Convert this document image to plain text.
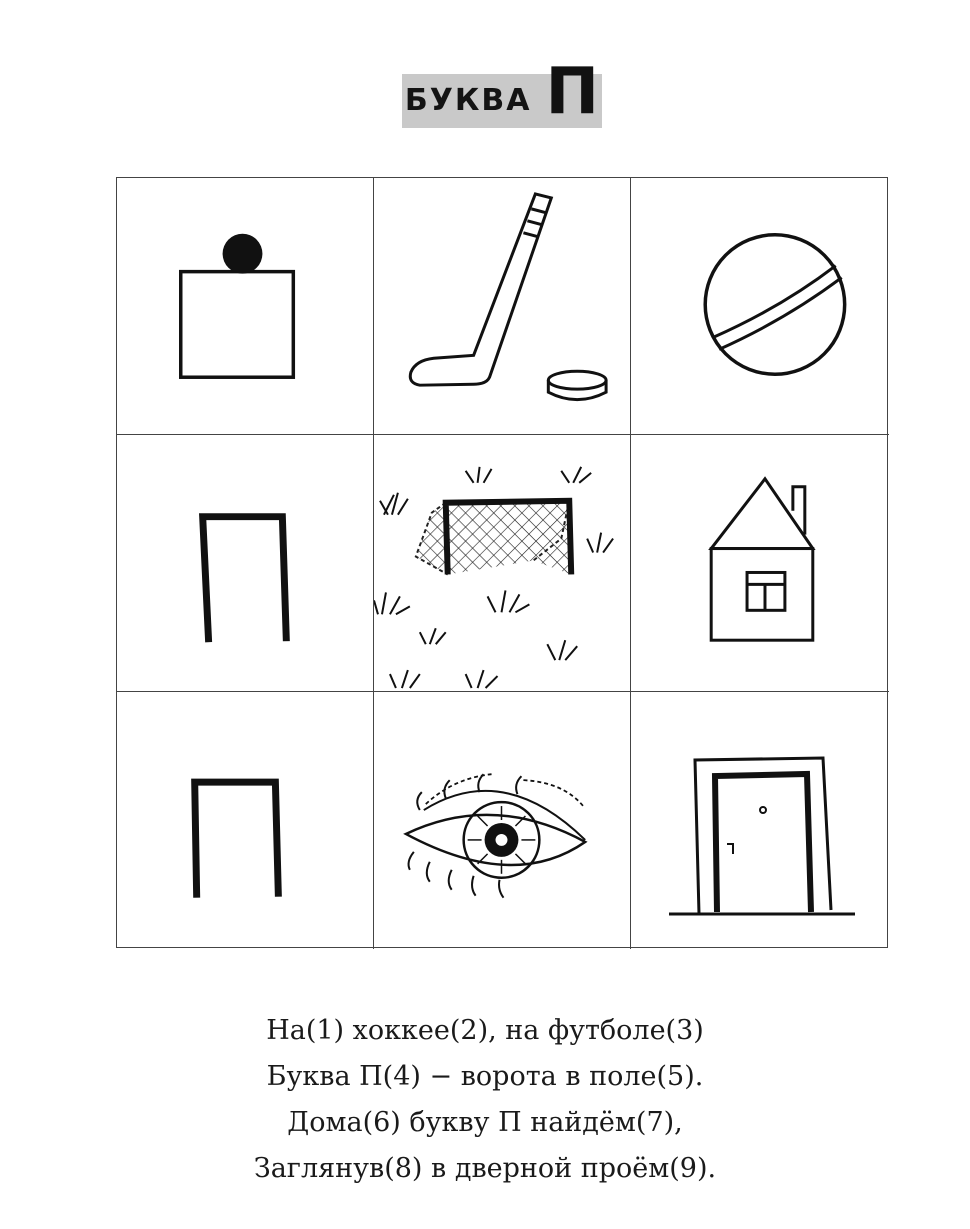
БУКВА П
На(1) хоккее(2), на футболе(3)
Буква П(4) − ворота в поле(5).
Дома(6) букву П найдём(7),
Заглянув(8) в дверной проём(9).
